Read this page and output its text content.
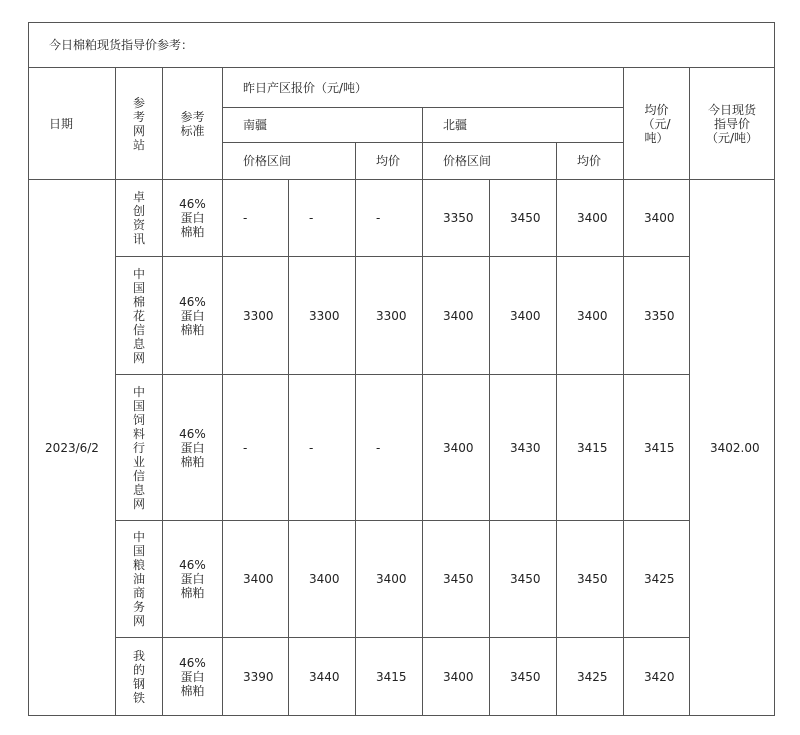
今日棉粕现货指导价参考：										
日期	参考网站	参考标准	昨日产区报价（元/吨）						均价（元/吨）	今日现货指导价（元/吨）

			南疆			北疆				
			价格区间		均价	价格区间		均价		
2023/6/2	卓创资讯	46%蛋白棉粕	-	-	-	3350	3450	3400	3400	3402.00

	中国棉花信息网	46%蛋白棉粕	3300	3300	3300	3400	3400	3400	3350	

	中国饲料行业信息网	46%蛋白棉粕	-	-	-	3400	3430	3415	3415	

	中国粮油商务网	46%蛋白棉粕	3400	3400	3400	3450	3450	3450	3425	

	我的钢铁	46%蛋白棉粕	3390	3440	3415	3400	3450	3425	3420	
